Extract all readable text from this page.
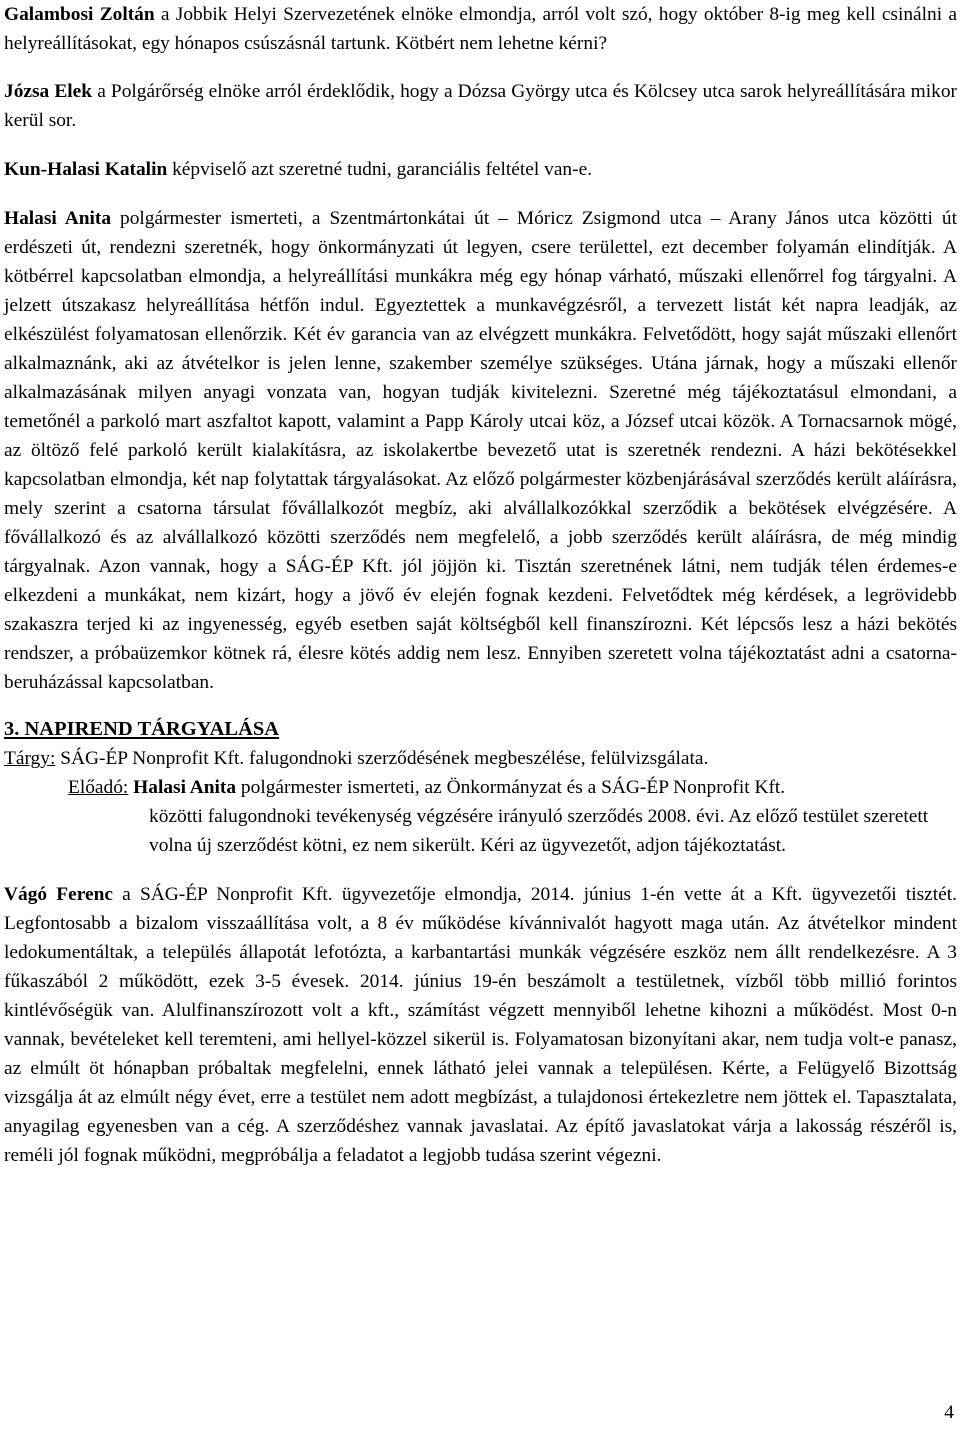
Galambosi Zoltán a Jobbik Helyi Szervezetének elnöke elmondja, arról volt szó, hogy október 8-ig meg kell csinálni a helyreállításokat, egy hónapos csúszásnál tartunk. Kötbért nem lehetne kérni?

Józsa Elek a Polgárőrség elnöke arról érdeklődik, hogy a Dózsa György utca és Kölcsey utca sarok helyreállítására mikor kerül sor.

Kun-Halasi Katalin képviselő azt szeretné tudni, garanciális feltétel van-e.

Halasi Anita polgármester ismerteti, a Szentmártonkátai út – Móricz Zsigmond utca – Arany János utca közötti út erdészeti út, rendezni szeretnék, hogy önkormányzati út legyen, csere területtel, ezt december folyamán elindítják. A kötbérrel kapcsolatban elmondja, a helyreállítási munkákra még egy hónap várható, műszaki ellenőrrel fog tárgyalni. A jelzett útszakasz helyreállítása hétfőn indul. Egyeztettek a munkavégzésről, a tervezett listát két napra leadják, az elkészülést folyamatosan ellenőrzik. Két év garancia van az elvégzett munkákra. Felvetődött, hogy saját műszaki ellenőrt alkalmaznánk, aki az átvételkor is jelen lenne, szakember személye szükséges. Utána járnak, hogy a műszaki ellenőr alkalmazásának milyen anyagi vonzata van, hogyan tudják kivitelezni. Szeretné még tájékoztatásul elmondani, a temetőnél a parkoló mart aszfaltot kapott, valamint a Papp Károly utcai köz, a József utcai közök. A Tornacsarnok mögé, az öltöző felé parkoló került kialakításra, az iskolakertbe bevezető utat is szeretnék rendezni. A házi bekötésekkel kapcsolatban elmondja, két nap folytattak tárgyalásokat. Az előző polgármester közbenjárásával szerződés került aláírásra, mely szerint a csatorna társulat fővállalkozót megbíz, aki alvállalkozókkal szerződik a bekötések elvégzésére. A fővállalkozó és az alvállalkozó közötti szerződés nem megfelelő, a jobb szerződés került aláírásra, de még mindig tárgyalnak. Azon vannak, hogy a SÁG-ÉP Kft. jól jöjjön ki. Tisztán szeretnének látni, nem tudják télen érdemes-e elkezdeni a munkákat, nem kizárt, hogy a jövő év elején fognak kezdeni. Felvetődtek még kérdések, a legrövidebb szakaszra terjed ki az ingyenesség, egyéb esetben saját költségből kell finanszírozni. Két lépcsős lesz a házi bekötés rendszer, a próbaüzemkor kötnek rá, élesre kötés addig nem lesz. Ennyiben szeretett volna tájékoztatást adni a csatorna-beruházással kapcsolatban.

3. NAPIREND TÁRGYALÁSA

Tárgy: SÁG-ÉP Nonprofit Kft. falugondnoki szerződésének megbeszélése, felülvizsgálata.

Előadó: Halasi Anita polgármester ismerteti, az Önkormányzat és a SÁG-ÉP Nonprofit Kft.

közötti falugondnoki tevékenység végzésére irányuló szerződés 2008. évi. Az előző testület szeretett volna új szerződést kötni, ez nem sikerült. Kéri az ügyvezetőt, adjon tájékoztatást.

Vágó Ferenc a SÁG-ÉP Nonprofit Kft. ügyvezetője elmondja, 2014. június 1-én vette át a Kft. ügyvezetői tisztét. Legfontosabb a bizalom visszaállítása volt, a 8 év működése kívánnivalót hagyott maga után. Az átvételkor mindent ledokumentáltak, a település állapotát lefotózta, a karbantartási munkák végzésére eszköz nem állt rendelkezésre. A 3 fűkaszából 2 működött, ezek 3-5 évesek. 2014. június 19-én beszámolt a testületnek, vízből több millió forintos kintlévőségük van. Alulfinanszírozott volt a kft., számítást végzett mennyiből lehetne kihozni a működést. Most 0-n vannak, bevételeket kell teremteni, ami hellyel-közzel sikerül is. Folyamatosan bizonyítani akar, nem tudja volt-e panasz, az elmúlt öt hónapban próbaltak megfelelni, ennek látható jelei vannak a településen. Kérte, a Felügyelő Bizottság vizsgálja át az elmúlt négy évet, erre a testület nem adott megbízást, a tulajdonosi értekezletre nem jöttek el. Tapasztalata, anyagilag egyenesben van a cég. A szerződéshez vannak javaslatai. Az építő javaslatokat várja a lakosság részéről is, reméli jól fognak működni, megpróbálja a feladatot a legjobb tudása szerint végezni.

4
